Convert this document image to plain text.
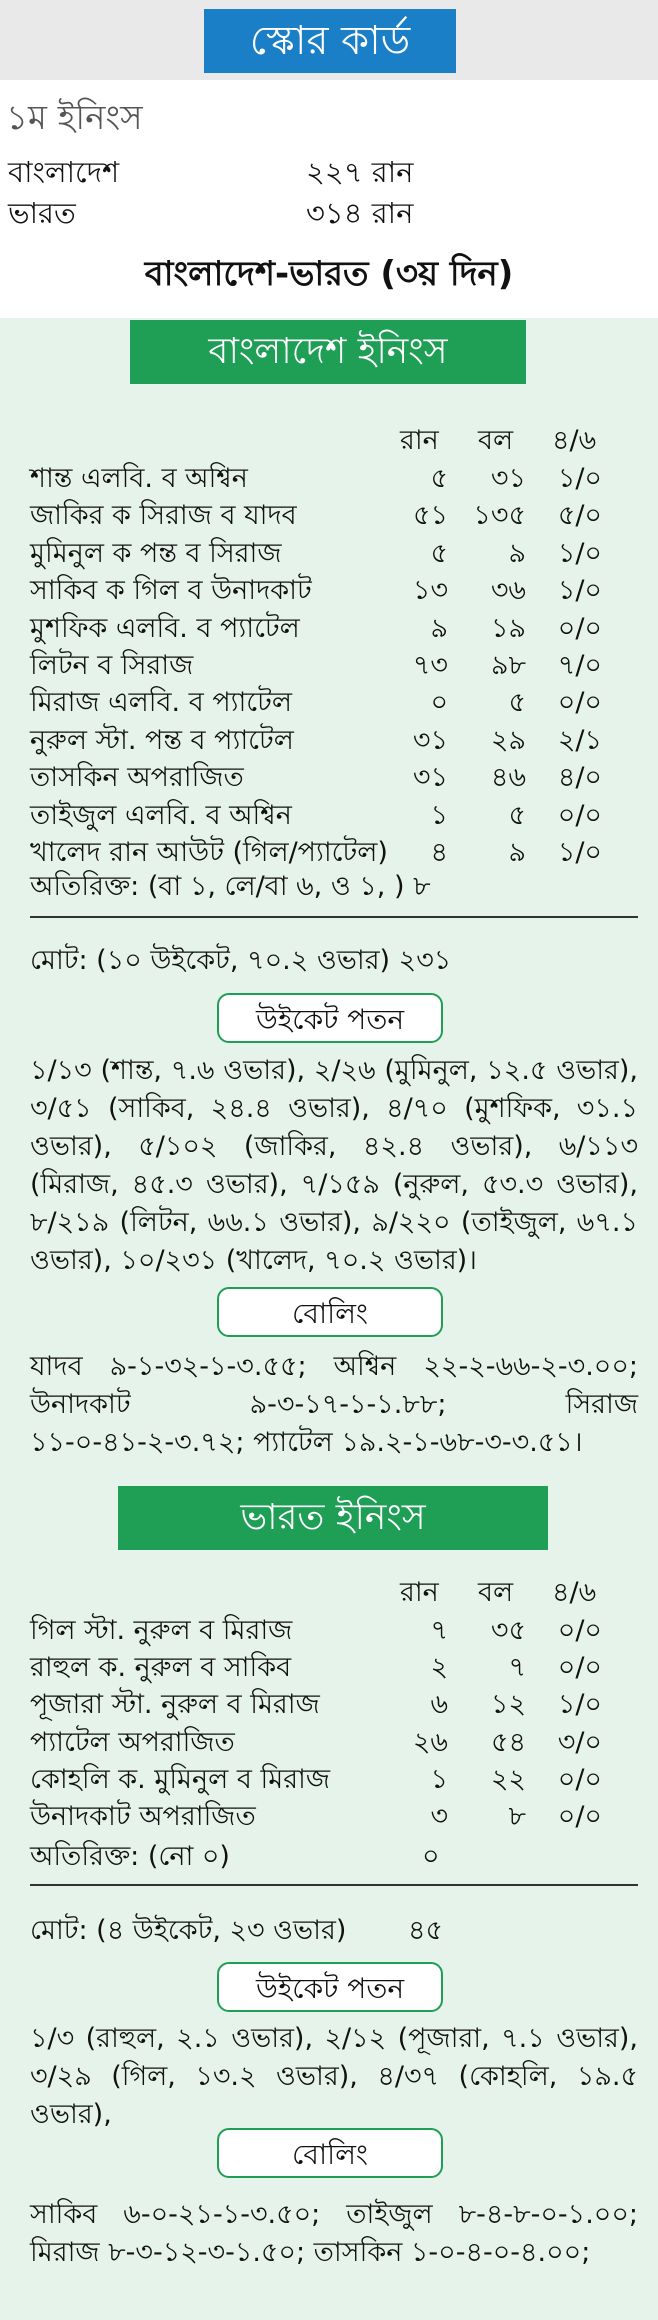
স্কোর কার্ড
১ম ইনিংস
বাংলাদেশ	২২৭ রান
ভারত	৩১৪ রান
বাংলাদেশ-ভারত (৩য় দিন)
বাংলাদেশ ইনিংস
রান বল ৪/৬
শান্ত এলবি. ব অশ্বিন	৫ ৩১ ১/০
জাকির ক সিরাজ ব যাদব	৫১ ১৩৫ ৫/০
মুমিনুল ক পন্ত ব সিরাজ	৫ ৯ ১/০
সাকিব ক গিল ব উনাদকাট	১৩ ৩৬ ১/০
মুশফিক এলবি. ব প্যাটেল	৯ ১৯ ০/০
লিটন ব সিরাজ	৭৩ ৯৮ ৭/০
মিরাজ এলবি. ব প্যাটেল	০ ৫ ০/০
নুরুল স্টা. পন্ত ব প্যাটেল	৩১ ২৯ ২/১
তাসকিন অপরাজিত	৩১ ৪৬ ৪/০
তাইজুল এলবি. ব অশ্বিন	১ ৫ ০/০
খালেদ রান আউট (গিল/প্যাটেল) ৪ ৯ ১/০
অতিরিক্ত: (বা ১, লে/বা ৬, ও ১, ) ৮
মোট: (১০ উইকেট, ৭০.২ ওভার) ২৩১
উইকেট পতন
১/১৩ (শান্ত, ৭.৬ ওভার), ২/২৬ (মুমিনুল, ১২.৫ ওভার), ৩/৫১ (সাকিব, ২৪.৪ ওভার), ৪/৭০ (মুশফিক, ৩১.১ ওভার), ৫/১০২ (জাকির, ৪২.৪ ওভার), ৬/১১৩ (মিরাজ, ৪৫.৩ ওভার), ৭/১৫৯ (নুরুল, ৫৩.৩ ওভার), ৮/২১৯ (লিটন, ৬৬.১ ওভার), ৯/২২০ (তাইজুল, ৬৭.১ ওভার), ১০/২৩১ (খালেদ, ৭০.২ ওভার)।
বোলিং
যাদব ৯-১-৩২-১-৩.৫৫; অশ্বিন ২২-২-৬৬-২-৩.০০; উনাদকাট ৯-৩-১৭-১-১.৮৮; সিরাজ ১১-০-৪১-২-৩.৭২; প্যাটেল ১৯.২-১-৬৮-৩-৩.৫১।
ভারত ইনিংস
রান বল ৪/৬
গিল স্টা. নুরুল ব মিরাজ	৭ ৩৫ ০/০
রাহুল ক. নুরুল ব সাকিব	২ ৭ ০/০
পূজারা স্টা. নুরুল ব মিরাজ	৬ ১২ ১/০
প্যাটেল অপরাজিত	২৬ ৫৪ ৩/০
কোহলি ক. মুমিনুল ব মিরাজ	১ ২২ ০/০
উনাদকাট অপরাজিত	৩ ৮ ০/০
অতিরিক্ত: (নো ০)	০
মোট: (৪ উইকেট, ২৩ ওভার) ৪৫
উইকেট পতন
১/৩ (রাহুল, ২.১ ওভার), ২/১২ (পূজারা, ৭.১ ওভার), ৩/২৯ (গিল, ১৩.২ ওভার), ৪/৩৭ (কোহলি, ১৯.৫ ওভার),
বোলিং
সাকিব ৬-০-২১-১-৩.৫০; তাইজুল ৮-৪-৮-০-১.০০; মিরাজ ৮-৩-১২-৩-১.৫০; তাসকিন ১-০-৪-০-৪.০০;
